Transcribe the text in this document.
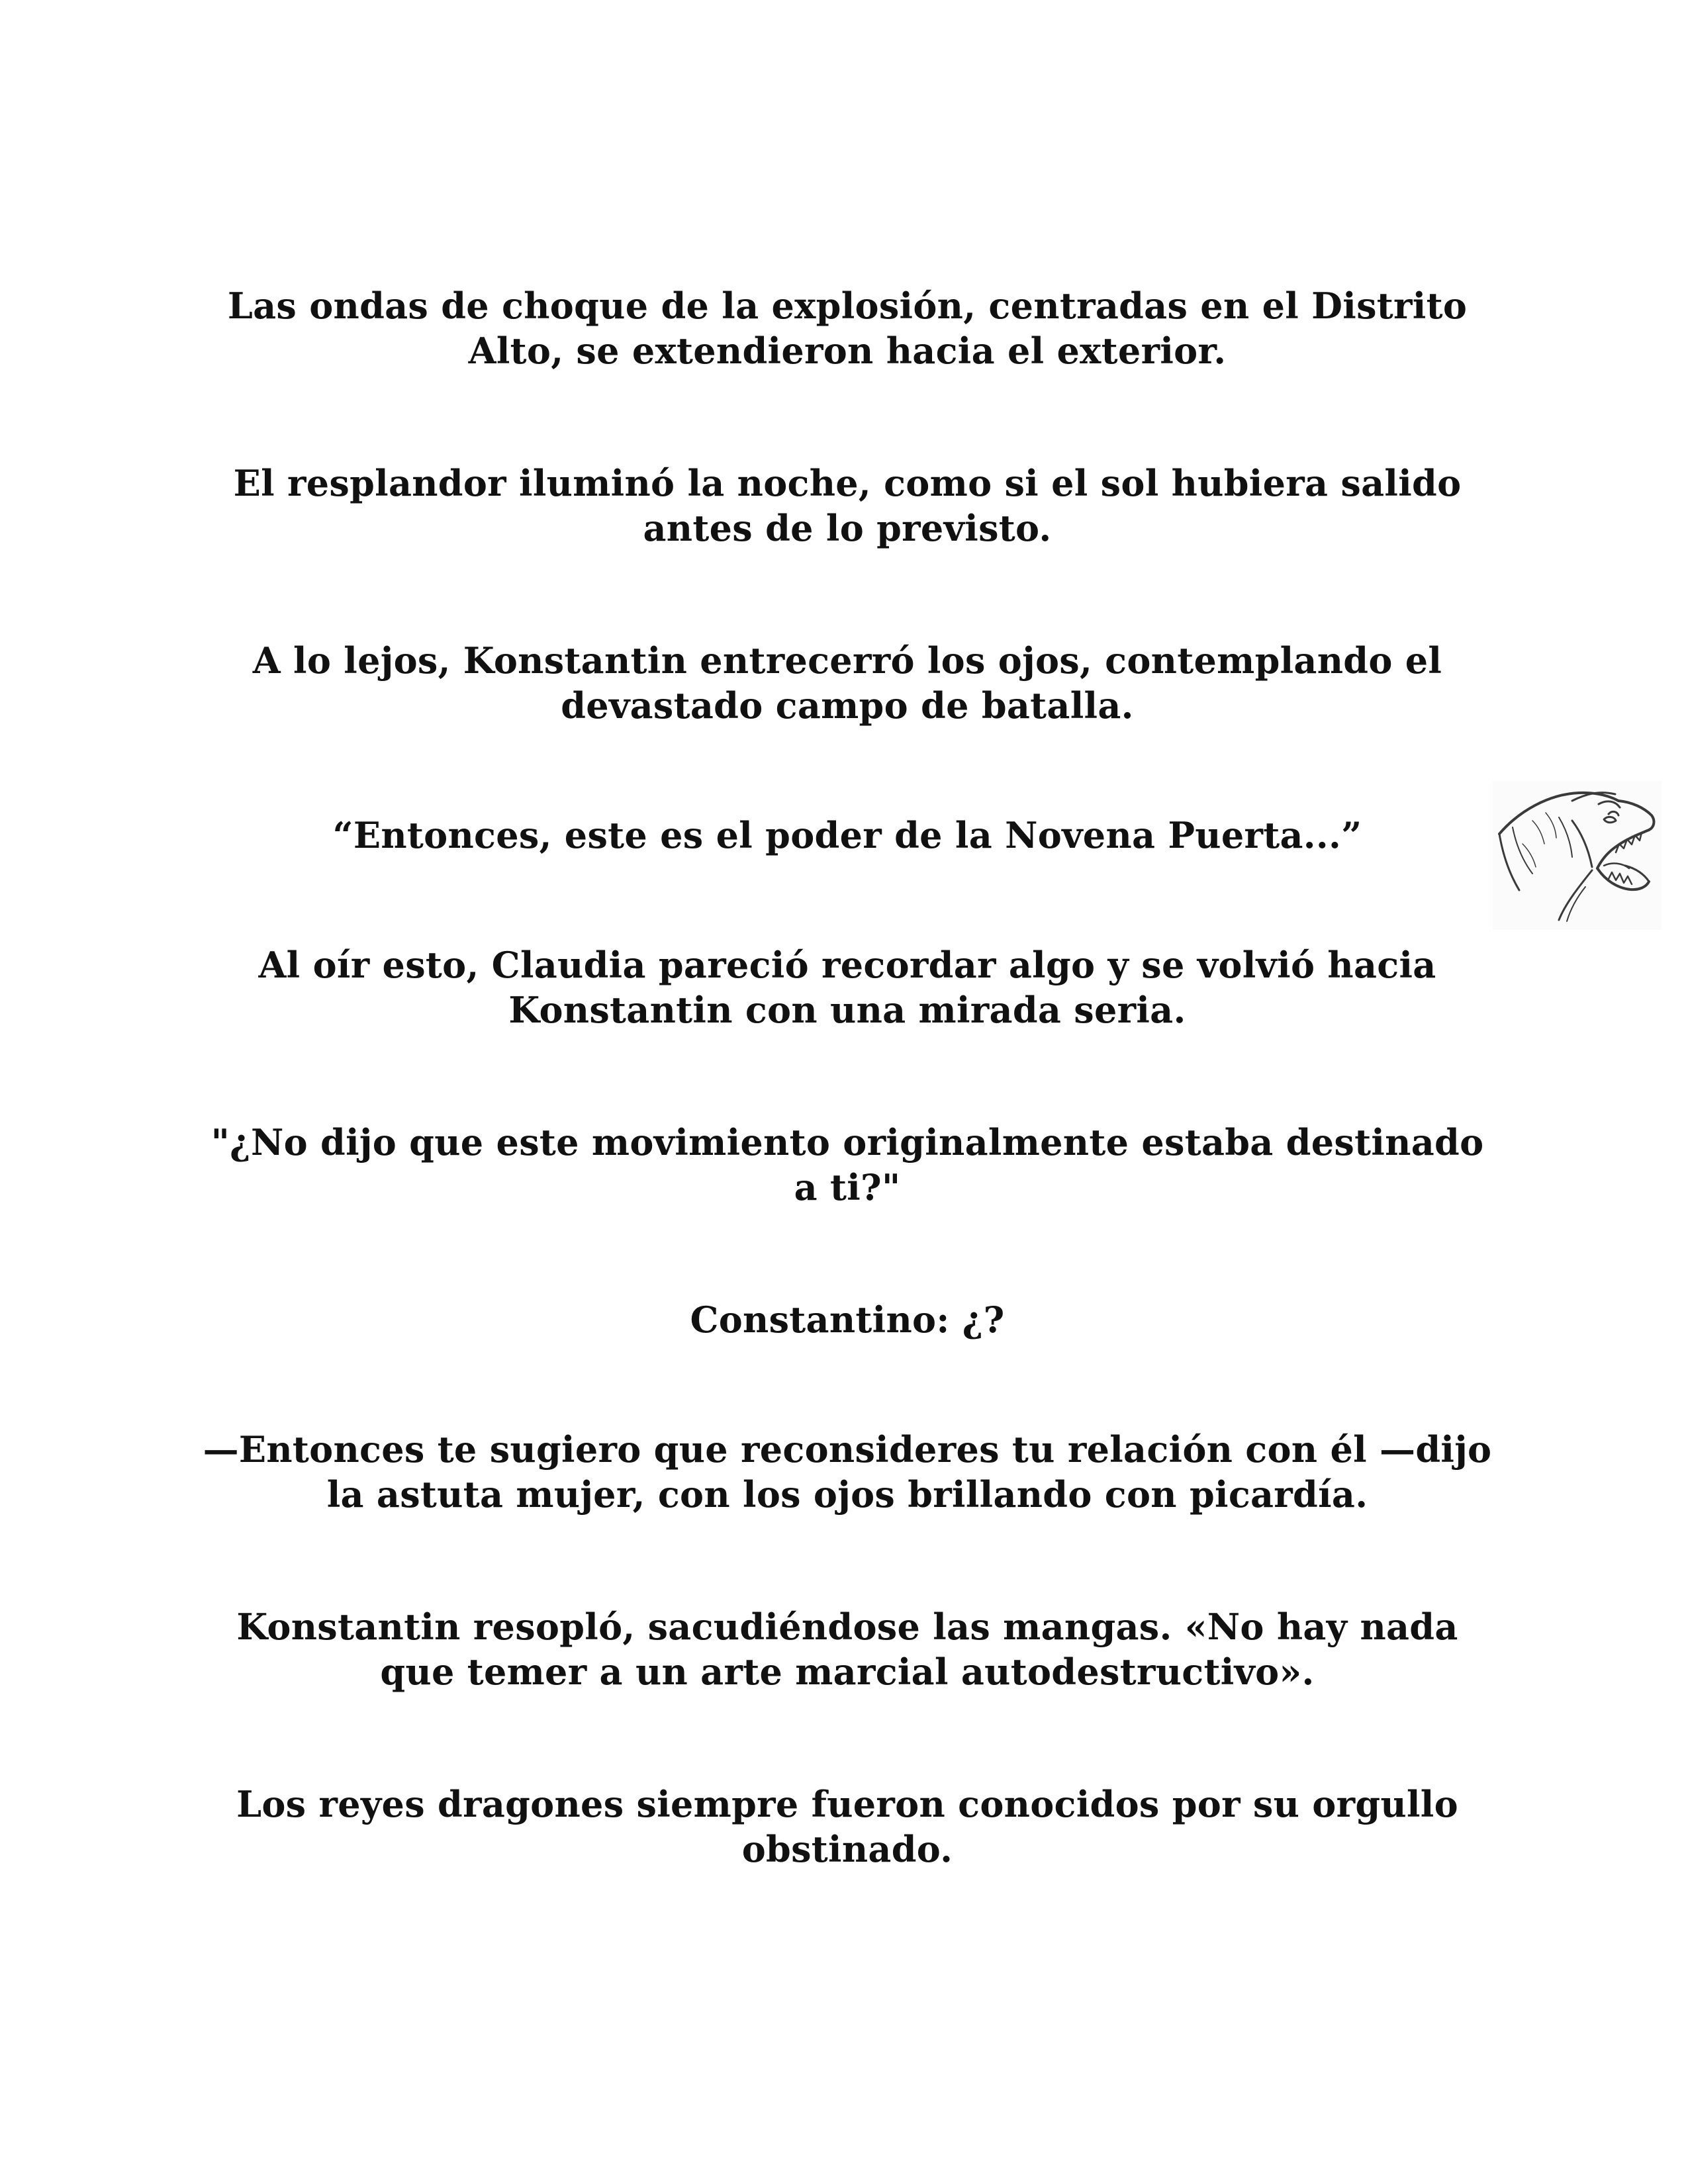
Las ondas de choque de la explosión, centradas en el Distrito Alto, se extendieron hacia el exterior.

El resplandor iluminó la noche, como si el sol hubiera salido antes de lo previsto.

A lo lejos, Konstantin entrecerró los ojos, contemplando el devastado campo de batalla.

“Entonces, este es el poder de la Novena Puerta...”

Al oír esto, Claudia pareció recordar algo y se volvió hacia Konstantin con una mirada seria.

"¿No dijo que este movimiento originalmente estaba destinado a ti?"

Constantino: ¿?

—Entonces te sugiero que reconsideres tu relación con él —dijo la astuta mujer, con los ojos brillando con picardía.

Konstantin resopló, sacudiéndose las mangas. «No hay nada que temer a un arte marcial autodestructivo».

Los reyes dragones siempre fueron conocidos por su orgullo obstinado.
